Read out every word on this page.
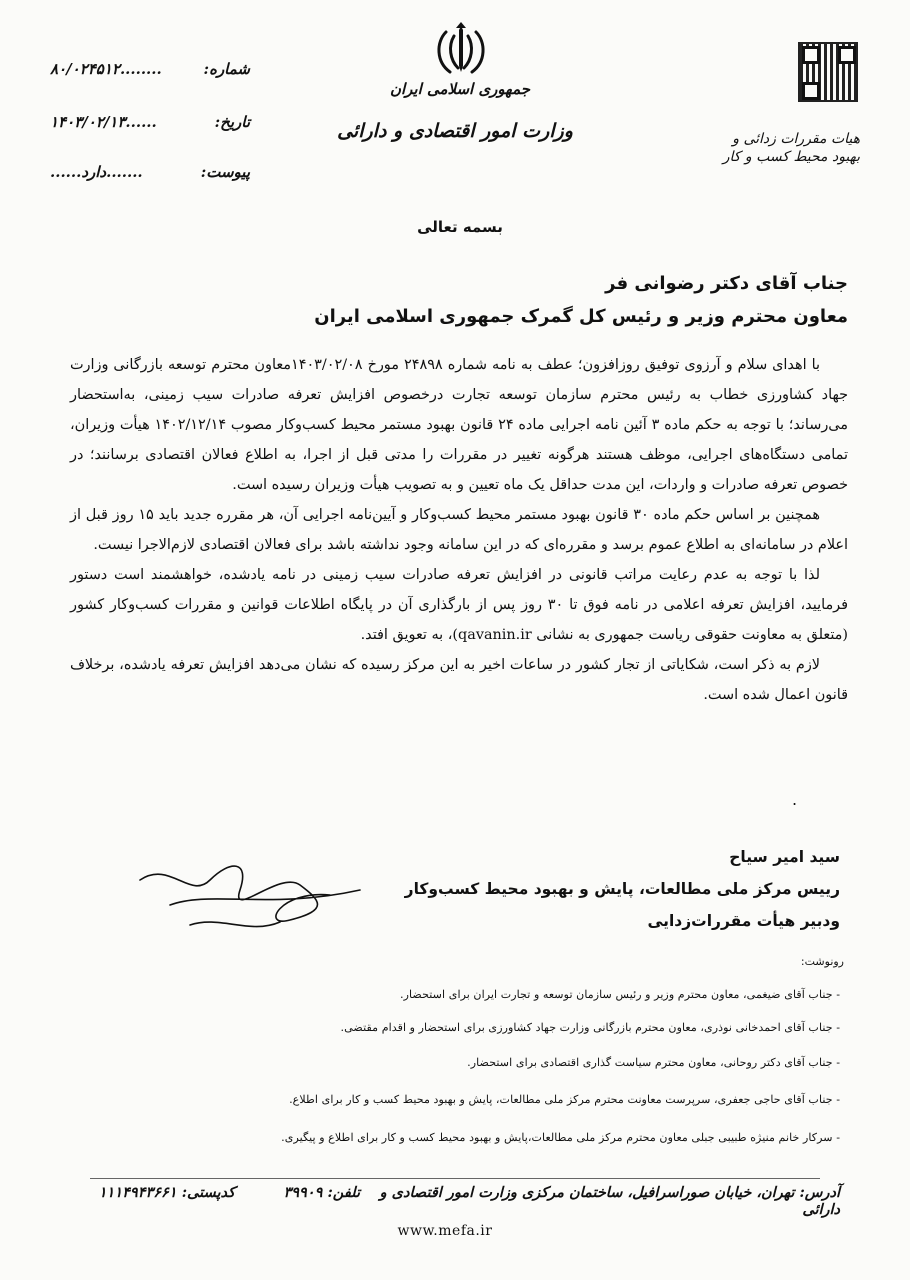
هیات مقررات زدائی و بهبود محیط کسب و کار
جمهوری اسلامی ایران
وزارت امور اقتصادی و دارائی
شماره:
........۸۰/۰۲۴۵۱۲
تاریخ:
......۱۴۰۳/۰۲/۱۳
پیوست:
.......دارد......
بسمه تعالی
جناب آقای دکتر رضوانی فر
معاون محترم وزیر و رئیس کل گمرک جمهوری اسلامی ایران

با اهدای سلام و آرزوی توفیق روزافزون؛ عطف به نامه شماره ۲۴۸۹۸ مورخ ۱۴۰۳/۰۲/۰۸معاون محترم توسعه بازرگانی وزارت جهاد کشاورزی خطاب به رئیس محترم سازمان توسعه تجارت درخصوص افزایش تعرفه صادرات سیب زمینی، به‌استحضار می‌رساند؛ با توجه به حکم ماده ۳ آئین نامه اجرایی ماده ۲۴ قانون بهبود مستمر محیط کسب‌وکار مصوب ۱۴۰۲/۱۲/۱۴ هیأت وزیران، تمامی دستگاه‌های اجرایی، موظف هستند هرگونه تغییر در مقررات را مدتی قبل از اجرا، به اطلاع فعالان اقتصادی برسانند؛ در خصوص تعرفه صادرات و واردات، این مدت حداقل یک ماه تعیین و به تصویب هیأت وزیران رسیده است.

همچنین بر اساس حکم ماده ۳۰ قانون بهبود مستمر محیط کسب‌وکار و آیین‌نامه اجرایی آن، هر مقرره جدید باید ۱۵ روز قبل از اعلام در سامانه‌ای به اطلاع عموم برسد و مقرره‌ای که در این سامانه وجود نداشته باشد برای فعالان اقتصادی لازم‌الاجرا نیست.

لذا با توجه به عدم رعایت مراتب قانونی در افزایش تعرفه صادرات سیب زمینی در نامه یادشده، خواهشمند است دستور فرمایید، افزایش تعرفه اعلامی در نامه فوق تا ۳۰ روز پس از بارگذاری آن در پایگاه اطلاعات قوانین و مقررات کسب‌وکار کشور (متعلق به معاونت حقوقی ریاست جمهوری به نشانی qavanin.ir)، به تعویق افتد.

لازم به ذکر است، شکایاتی از تجار کشور در ساعات اخیر به این مرکز رسیده که نشان می‌دهد افزایش تعرفه یادشده، برخلاف قانون اعمال شده است.

.
سید امیر سیاح
رییس مرکز ملی مطالعات، پایش و بهبود محیط کسب‌وکار
ودبیر هیأت مقررات‌زدایی
رونوشت:
- جناب آقای ضیغمی، معاون محترم وزیر و رئیس سازمان توسعه و تجارت ایران برای استحضار.
- جناب آقای احمدخانی نوذری، معاون محترم بازرگانی وزارت جهاد کشاورزی برای استحضار و اقدام مقتضی.
- جناب آقای دکتر روحانی، معاون محترم سیاست گذاری اقتصادی برای استحضار.
- جناب آقای حاجی جعفری، سرپرست معاونت محترم مرکز ملی مطالعات، پایش و بهبود محیط کسب و کار برای اطلاع.
- سرکار خانم منیژه طبیبی جبلی معاون محترم مرکز ملی مطالعات،پایش و بهبود محیط کسب و کار برای اطلاع و پیگیری.
آدرس: تهران، خیابان صوراسرافیل، ساختمان مرکزی وزارت امور اقتصادی و دارائی
تلفن: ۳۹۹۰۹
کدپستی: ۱۱۱۴۹۴۳۶۶۱
www.mefa.ir
